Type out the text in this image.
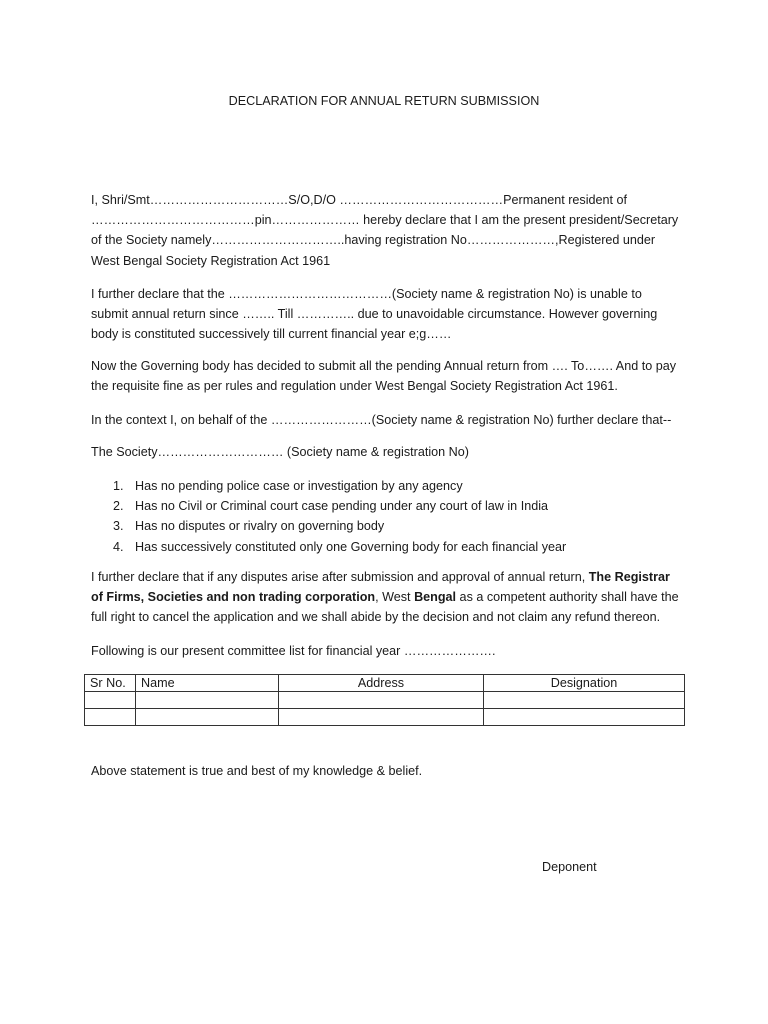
DECLARATION FOR ANNUAL RETURN SUBMISSION
I, Shri/Smt……………………………S/O,D/O …………………………………Permanent resident of …………………………………pin………………… hereby declare that I am the present president/Secretary of the Society namely…………………………..having registration No…………………,Registered under West Bengal Society Registration Act 1961
I further declare that the …………………………………(Society name & registration No) is unable to submit annual return since …….. Till ………….. due to unavoidable circumstance. However governing body is constituted successively till current financial year e;g……
Now the Governing body has decided to submit all the pending Annual return from …. To……. And to pay the requisite fine as per rules and regulation under West Bengal Society Registration Act 1961.
In the context I, on behalf of the ……………………(Society name & registration No) further declare that--
The Society………………………… (Society name & registration No)
1. Has no pending police case or investigation by any agency
2. Has no Civil or Criminal court case pending under any court of law in India
3. Has no disputes or rivalry on governing body
4. Has successively constituted only one Governing body for each financial year
I further declare that if any disputes arise after submission and approval of annual return, The Registrar of Firms, Societies and non trading corporation, West Bengal as a competent authority shall have the full right to cancel the application and we shall abide by the decision and not claim any refund thereon.
Following is our present committee list for financial year ………………….
Sr No.	Name	Address	Designation

Above statement is true and best of my knowledge & belief.
Deponent
